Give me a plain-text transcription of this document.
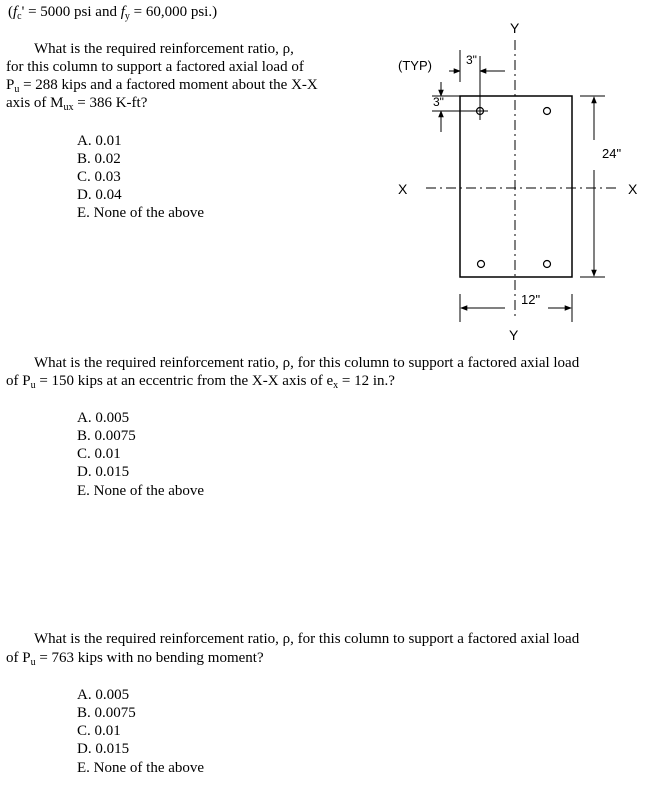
($f_c' = 5000$ psi and $f_y = 60,000$ psi.)
What is the required reinforcement ratio, ρ,
for this column to support a factored axial load of
$P_u = 288$ kips and a factored moment about the X-X
axis of $M_{ux} = 386$ K-ft?
A. 0.01
B. 0.02
C. 0.03
D. 0.04
E. None of the above
Y
Y
X	X
(TYP)	3"
3"
24"
12"
What is the required reinforcement ratio, ρ, for this column to support a factored axial load
of $P_u = 150$ kips at an eccentric from the X-X axis of $e_x = 12$ in.?
A. 0.005
B. 0.0075
C. 0.01
D. 0.015
E. None of the above
What is the required reinforcement ratio, ρ, for this column to support a factored axial load
of $P_u = 763$ kips with no bending moment?
A. 0.005
B. 0.0075
C. 0.01
D. 0.015
E. None of the above
